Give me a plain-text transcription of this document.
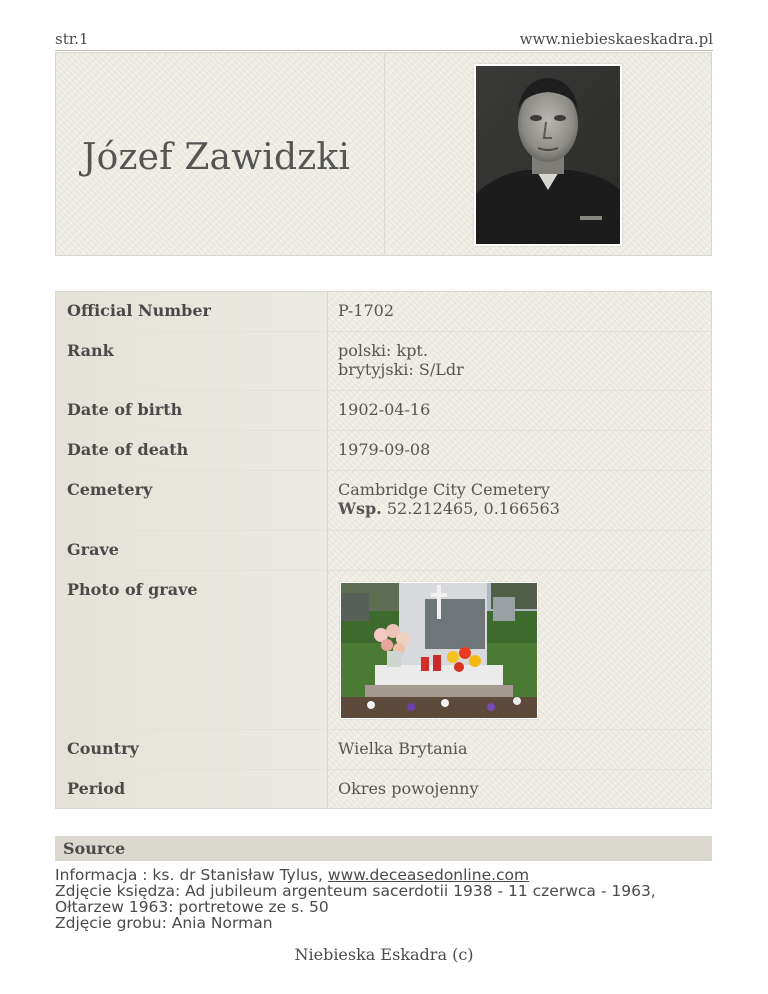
str.1	www.niebieskaeskadra.pl
Józef Zawidzki
Official Number	P-1702
Rank	polski: kpt.
brytyjski: S/Ldr
Date of birth	1902-04-16
Date of death	1979-09-08
Cemetery	Cambridge City Cemetery
Wsp. 52.212465, 0.166563
Grave
Photo of grave
Country	Wielka Brytania
Period	Okres powojenny
Source
Informacja : ks. dr Stanisław Tylus, www.deceasedonline.com
Zdjęcie księdza: Ad jubileum argenteum sacerdotii 1938 - 11 czerwca - 1963,
Ołtarzew 1963: portretowe ze s. 50
Zdjęcie grobu: Ania Norman
Niebieska Eskadra (c)
